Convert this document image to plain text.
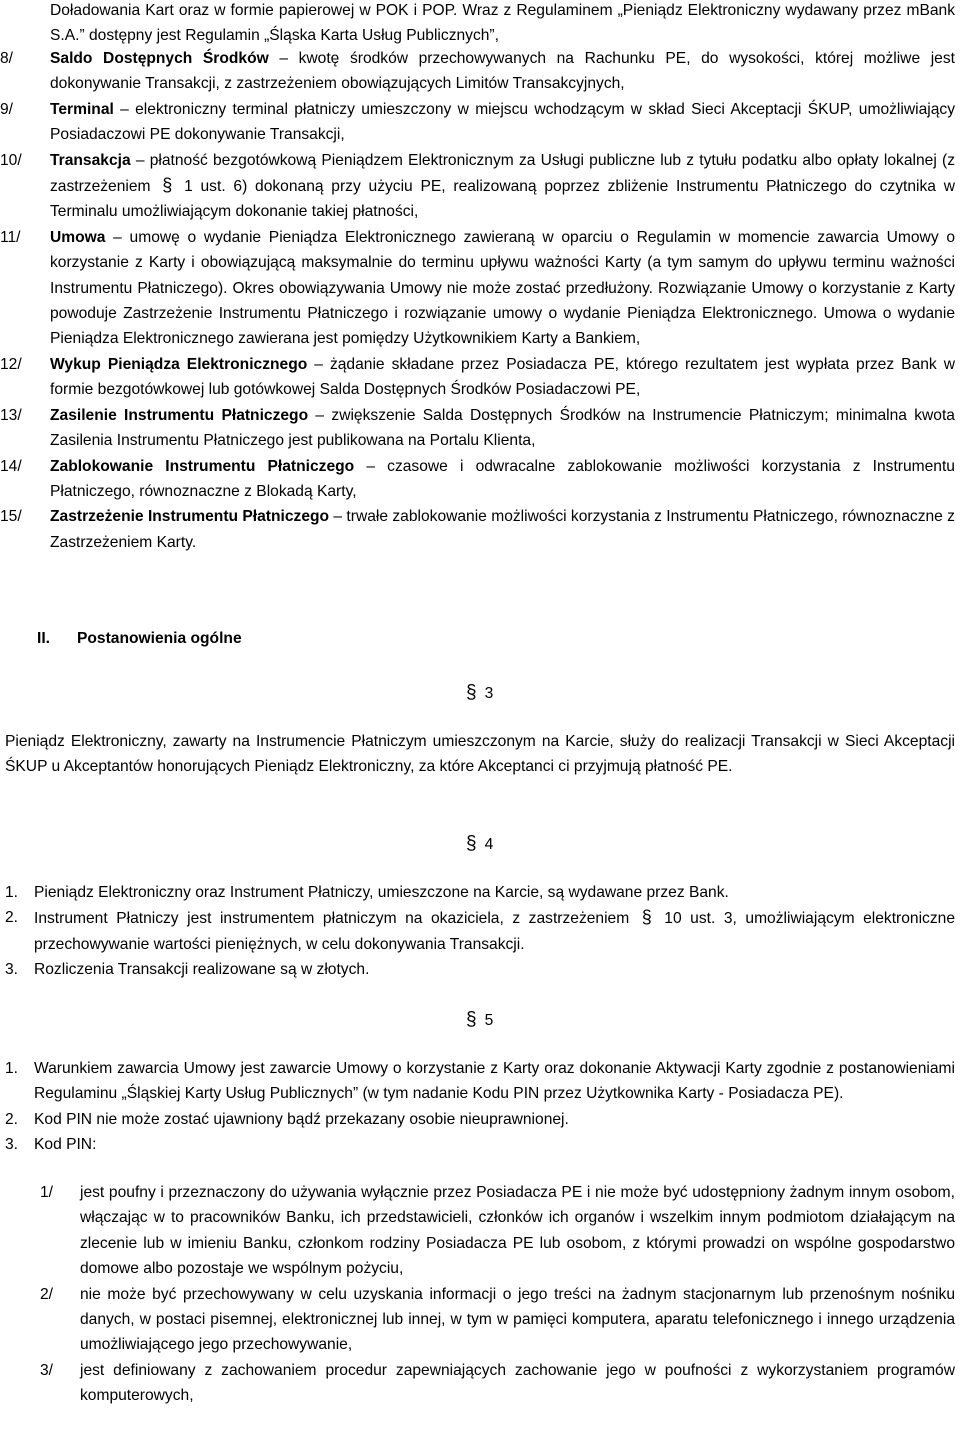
Doładowania Kart oraz w formie papierowej w POK i POP. Wraz z Regulaminem „Pieniądz Elektroniczny wydawany przez mBank S.A.” dostępny jest Regulamin „Śląska Karta Usług Publicznych”,
8/	Saldo Dostępnych Środków – kwotę środków przechowywanych na Rachunku PE, do wysokości, której możliwe jest dokonywanie Transakcji, z zastrzeżeniem obowiązujących Limitów Transakcyjnych,
9/	Terminal – elektroniczny terminal płatniczy umieszczony w miejscu wchodzącym w skład Sieci Akceptacji ŚKUP, umożliwiający Posiadaczowi PE dokonywanie Transakcji,
10/	Transakcja – płatność bezgotówkową Pieniądzem Elektronicznym za Usługi publiczne lub z tytułu podatku albo opłaty lokalnej (z zastrzeżeniem § 1 ust. 6) dokonaną przy użyciu PE, realizowaną poprzez zbliżenie Instrumentu Płatniczego do czytnika w Terminalu umożliwiającym dokonanie takiej płatności,
11/	Umowa – umowę o wydanie Pieniądza Elektronicznego zawieraną w oparciu o Regulamin w momencie zawarcia Umowy o korzystanie z Karty i obowiązującą maksymalnie do terminu upływu ważności Karty (a tym samym do upływu terminu ważności Instrumentu Płatniczego). Okres obowiązywania Umowy nie może zostać przedłużony. Rozwiązanie Umowy o korzystanie z Karty powoduje Zastrzeżenie Instrumentu Płatniczego i rozwiązanie umowy o wydanie Pieniądza Elektronicznego. Umowa o wydanie Pieniądza Elektronicznego zawierana jest pomiędzy Użytkownikiem Karty a Bankiem,
12/	Wykup Pieniądza Elektronicznego – żądanie składane przez Posiadacza PE, którego rezultatem jest wypłata przez Bank w formie bezgotówkowej lub gotówkowej Salda Dostępnych Środków Posiadaczowi PE,
13/	Zasilenie Instrumentu Płatniczego – zwiększenie Salda Dostępnych Środków na Instrumencie Płatniczym; minimalna kwota Zasilenia Instrumentu Płatniczego jest publikowana na Portalu Klienta,
14/	Zablokowanie Instrumentu Płatniczego – czasowe i odwracalne zablokowanie możliwości korzystania z Instrumentu Płatniczego, równoznaczne z Blokadą Karty,
15/	Zastrzeżenie Instrumentu Płatniczego – trwałe zablokowanie możliwości korzystania z Instrumentu Płatniczego, równoznaczne z Zastrzeżeniem Karty.
II. Postanowienia ogólne
§ 3
Pieniądz Elektroniczny, zawarty na Instrumencie Płatniczym umieszczonym na Karcie, służy do realizacji Transakcji w Sieci Akceptacji ŚKUP u Akceptantów honorujących Pieniądz Elektroniczny, za które Akceptanci ci przyjmują płatność PE.
§ 4
1.	Pieniądz Elektroniczny oraz Instrument Płatniczy, umieszczone na Karcie, są wydawane przez Bank.
2.	Instrument Płatniczy jest instrumentem płatniczym na okaziciela, z zastrzeżeniem § 10 ust. 3, umożliwiającym elektroniczne przechowywanie wartości pieniężnych, w celu dokonywania Transakcji.
3.	Rozliczenia Transakcji realizowane są w złotych.
§ 5
1.	Warunkiem zawarcia Umowy jest zawarcie Umowy o korzystanie z Karty oraz dokonanie Aktywacji Karty zgodnie z postanowieniami Regulaminu „Śląskiej Karty Usług Publicznych” (w tym nadanie Kodu PIN przez Użytkownika Karty - Posiadacza PE).
2.	Kod PIN nie może zostać ujawniony bądź przekazany osobie nieuprawnionej.
3.	Kod PIN:
1/	jest poufny i przeznaczony do używania wyłącznie przez Posiadacza PE i nie może być udostępniony żadnym innym osobom, włączając w to pracowników Banku, ich przedstawicieli, członków ich organów i wszelkim innym podmiotom działającym na zlecenie lub w imieniu Banku, członkom rodziny Posiadacza PE lub osobom, z którymi prowadzi on wspólne gospodarstwo domowe albo pozostaje we wspólnym pożyciu,
2/	nie może być przechowywany w celu uzyskania informacji o jego treści na żadnym stacjonarnym lub przenośnym nośniku danych, w postaci pisemnej, elektronicznej lub innej, w tym w pamięci komputera, aparatu telefonicznego i innego urządzenia umożliwiającego jego przechowywanie,
3/	jest definiowany z zachowaniem procedur zapewniających zachowanie jego w poufności z wykorzystaniem programów komputerowych,
